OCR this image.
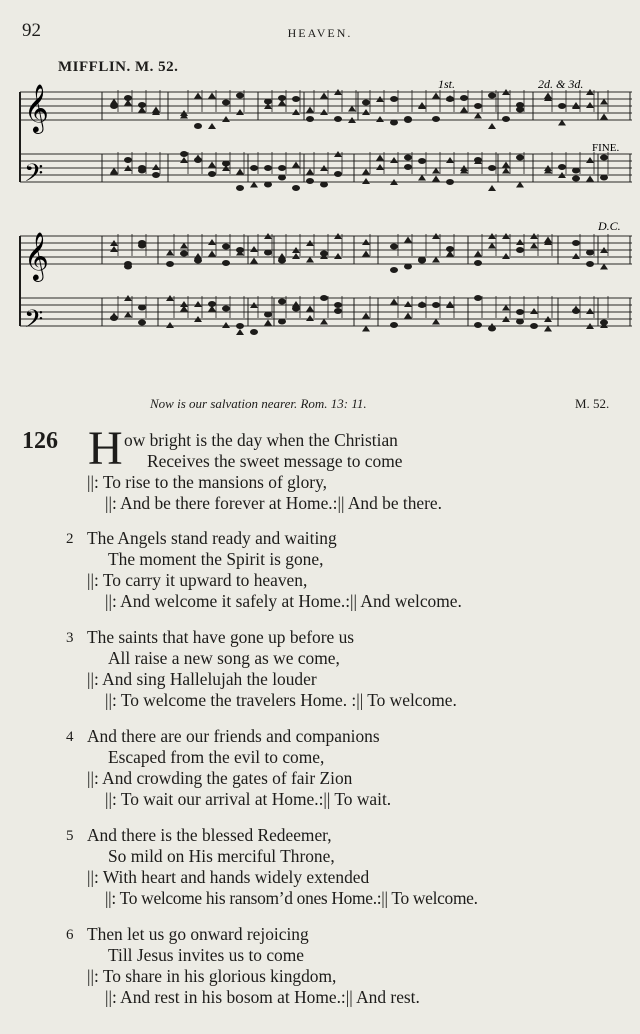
92	HEAVEN.
MIFFLIN. M. 52.
1st.	2d. & 3d.
FINE.
D.C.
𝄞
𝄢
𝄞
𝄢
Now is our salvation nearer. Rom. 13: 11.	M. 52.
126 H ow bright is the day when the Christian
Receives the sweet message to come
||: To rise to the mansions of glory,
||: And be there forever at Home.:|| And be there.
2 The Angels stand ready and waiting
The moment the Spirit is gone,
||: To carry it upward to heaven,
||: And welcome it safely at Home.:|| And welcome.
3 The saints that have gone up before us
All raise a new song as we come,
||: And sing Hallelujah the louder
||: To welcome the travelers Home. :|| To welcome.
4 And there are our friends and companions
Escaped from the evil to come,
||: And crowding the gates of fair Zion
||: To wait our arrival at Home.:|| To wait.
5 And there is the blessed Redeemer,
So mild on His merciful Throne,
||: With heart and hands widely extended
||: To welcome his ransom’d ones Home.:|| To welcome.
6 Then let us go onward rejoicing
Till Jesus invites us to come
||: To share in his glorious kingdom,
||: And rest in his bosom at Home.:|| And rest.
